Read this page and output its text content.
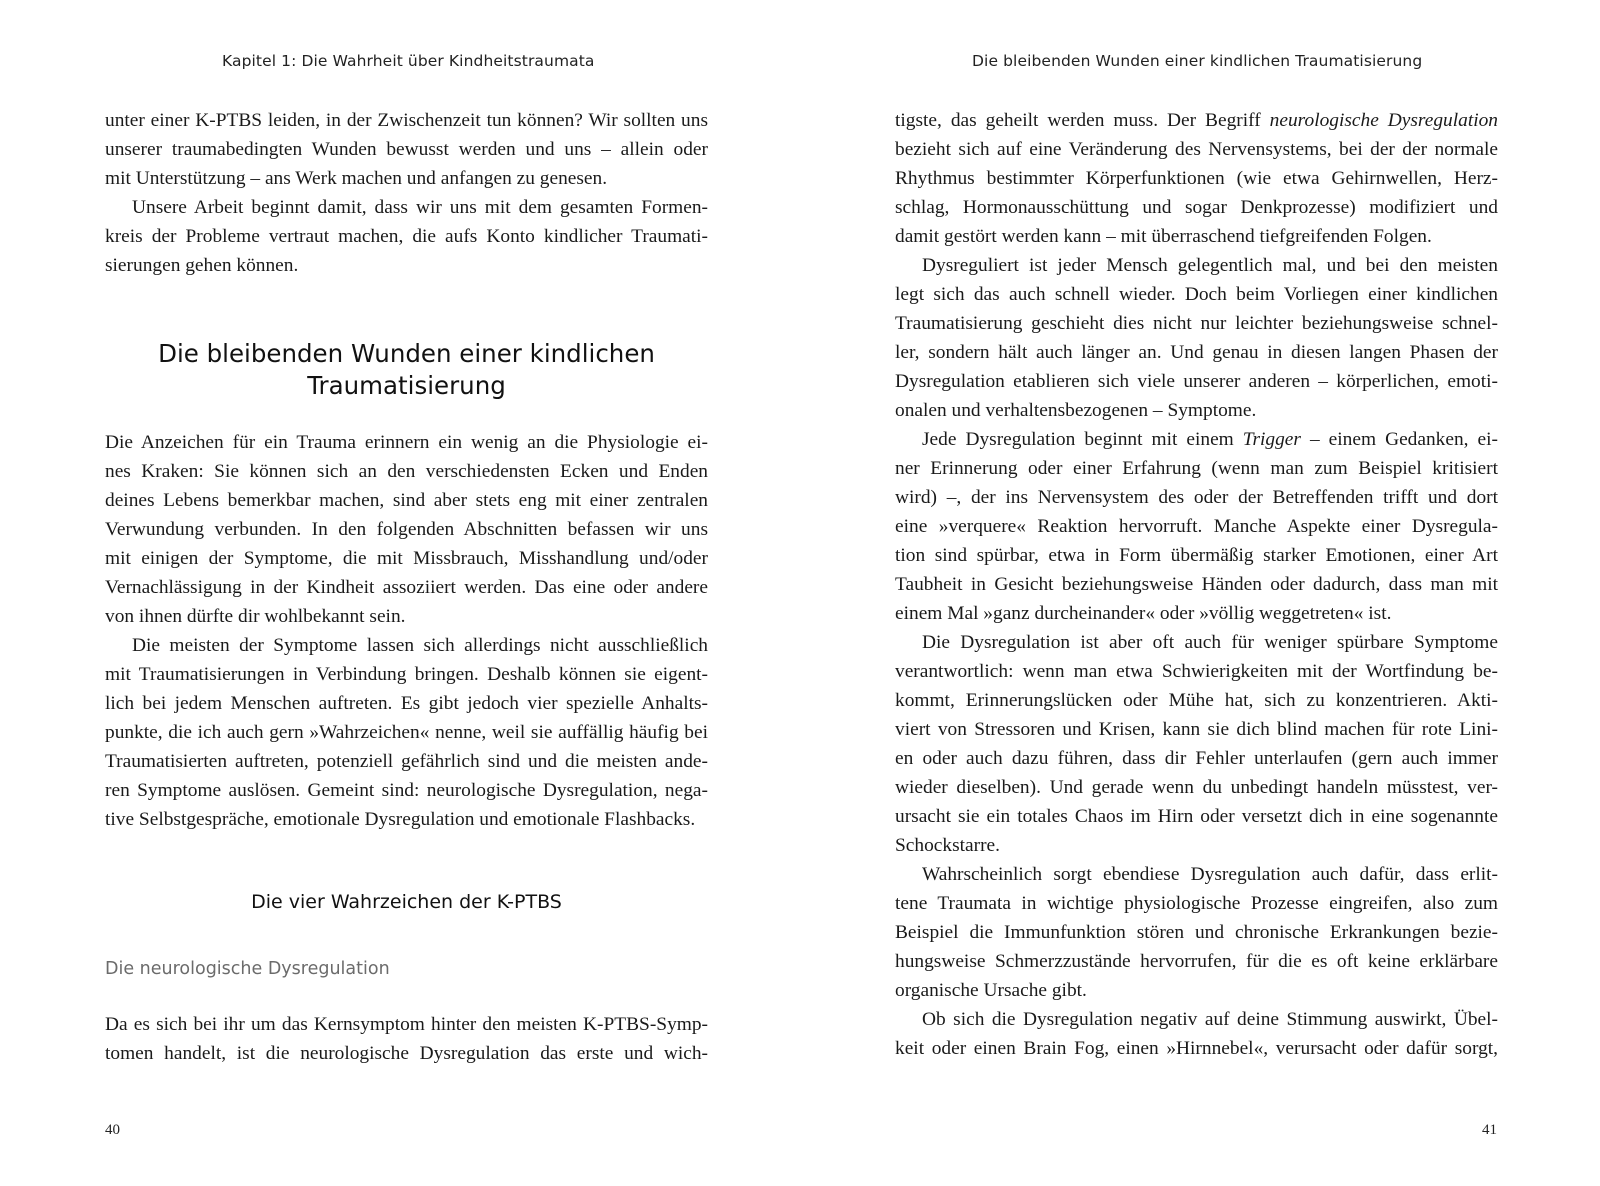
Kapitel 1: Die Wahrheit über Kindheitstraumata
unter einer K-PTBS leiden, in der Zwischenzeit tun können? Wir sollten uns
unserer traumabedingten Wunden bewusst werden und uns – allein oder
mit Unterstützung – ans Werk machen und anfangen zu genesen.
Unsere Arbeit beginnt damit, dass wir uns mit dem gesamten Formen-
kreis der Probleme vertraut machen, die aufs Konto kindlicher Traumati-
sierungen gehen können.
Die bleibenden Wunden einer kindlichen
Traumatisierung
Die Anzeichen für ein Trauma erinnern ein wenig an die Physiologie ei-
nes Kraken: Sie können sich an den verschiedensten Ecken und Enden
deines Lebens bemerkbar machen, sind aber stets eng mit einer zentralen
Verwundung verbunden. In den folgenden Abschnitten befassen wir uns
mit einigen der Symptome, die mit Missbrauch, Misshandlung und/oder
Vernachlässigung in der Kindheit assoziiert werden. Das eine oder andere
von ihnen dürfte dir wohlbekannt sein.
Die meisten der Symptome lassen sich allerdings nicht ausschließlich
mit Traumatisierungen in Verbindung bringen. Deshalb können sie eigent-
lich bei jedem Menschen auftreten. Es gibt jedoch vier spezielle Anhalts-
punkte, die ich auch gern »Wahrzeichen« nenne, weil sie auffällig häufig bei
Traumatisierten auftreten, potenziell gefährlich sind und die meisten ande-
ren Symptome auslösen. Gemeint sind: neurologische Dysregulation, nega-
tive Selbstgespräche, emotionale Dysregulation und emotionale Flashbacks.
Die vier Wahrzeichen der K-PTBS
Die neurologische Dysregulation
Da es sich bei ihr um das Kernsymptom hinter den meisten K-PTBS-Symp-
tomen handelt, ist die neurologische Dysregulation das erste und wich-
40
Die bleibenden Wunden einer kindlichen Traumatisierung
tigste, das geheilt werden muss. Der Begriff neurologische Dysregulation
bezieht sich auf eine Veränderung des Nervensystems, bei der der normale
Rhythmus bestimmter Körperfunktionen (wie etwa Gehirnwellen, Herz-
schlag, Hormonausschüttung und sogar Denkprozesse) modifiziert und
damit gestört werden kann – mit überraschend tiefgreifenden Folgen.
Dysreguliert ist jeder Mensch gelegentlich mal, und bei den meisten
legt sich das auch schnell wieder. Doch beim Vorliegen einer kindlichen
Traumatisierung geschieht dies nicht nur leichter beziehungsweise schnel-
ler, sondern hält auch länger an. Und genau in diesen langen Phasen der
Dysregulation etablieren sich viele unserer anderen – körperlichen, emoti-
onalen und verhaltensbezogenen – Symptome.
Jede Dysregulation beginnt mit einem Trigger – einem Gedanken, ei-
ner Erinnerung oder einer Erfahrung (wenn man zum Beispiel kritisiert
wird) –, der ins Nervensystem des oder der Betreffenden trifft und dort
eine »verquere« Reaktion hervorruft. Manche Aspekte einer Dysregula-
tion sind spürbar, etwa in Form übermäßig starker Emotionen, einer Art
Taubheit in Gesicht beziehungsweise Händen oder dadurch, dass man mit
einem Mal »ganz durcheinander« oder »völlig weggetreten« ist.
Die Dysregulation ist aber oft auch für weniger spürbare Symptome
verantwortlich: wenn man etwa Schwierigkeiten mit der Wortfindung be-
kommt, Erinnerungslücken oder Mühe hat, sich zu konzentrieren. Akti-
viert von Stressoren und Krisen, kann sie dich blind machen für rote Lini-
en oder auch dazu führen, dass dir Fehler unterlaufen (gern auch immer
wieder dieselben). Und gerade wenn du unbedingt handeln müsstest, ver-
ursacht sie ein totales Chaos im Hirn oder versetzt dich in eine sogenannte
Schockstarre.
Wahrscheinlich sorgt ebendiese Dysregulation auch dafür, dass erlit-
tene Traumata in wichtige physiologische Prozesse eingreifen, also zum
Beispiel die Immunfunktion stören und chronische Erkrankungen bezie-
hungsweise Schmerzzustände hervorrufen, für die es oft keine erklärbare
organische Ursache gibt.
Ob sich die Dysregulation negativ auf deine Stimmung auswirkt, Übel-
keit oder einen Brain Fog, einen »Hirnnebel«, verursacht oder dafür sorgt,
41
